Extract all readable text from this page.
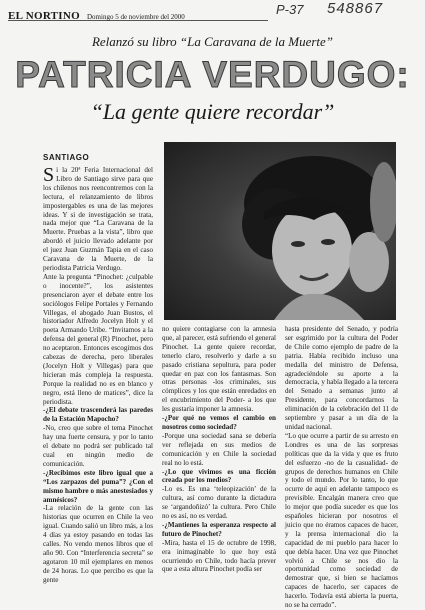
EL NORTINO Domingo 5 de noviembre del 2000	P-37 548867
Relanzó su libro “La Caravana de la Muerte”
PATRICIA VERDUGO:
“La gente quiere recordar”
SANTIAGO

Si la 20ª Feria Internacional del Libro de Santiago sirve para que los chilenos nos reencontremos con la lectura, el relanzamiento de libros impostergables es una de las mejores ideas. Y si de investigación se trata, nada mejor que “La Caravana de la Muerte. Pruebas a la vista”, libro que abordó el juicio llevado adelante por el juez Juan Guzmán Tapia en el caso Caravana de la Muerte, de la periodista Patricia Verdugo.

Ante la pregunta “Pinochet: ¿culpable o inocente?”, los asistentes presenciaron ayer el debate entre los sociólogos Felipe Portales y Fernando Villegas, el abogado Juan Bustos, el historiador Alfredo Jocelyn Holt y el poeta Armando Uribe. “Invitamos a la defensa del general (R) Pinochet, pero no aceptaron. Entonces escogimos dos cabezas de derecha, pero liberales (Jocelyn Holt y Villegas) para que hicieran más compleja la respuesta. Porque la realidad no es en blanco y negro, está lleno de matices”, dice la periodista.

-¿El debate trascenderá las paredes de la Estación Mapocho?

-No, creo que sobre el tema Pinochet hay una fuerte censura, y por lo tanto el debate no podrá ser publicado tal cual en ningún medio de comunicación.

-¿Recibimos este libro igual que a “Los zarpazos del puma”? ¿Con el mismo hambre o más anestesiados y amnésicos?

-La relación de la gente con las historias que ocurren en Chile la veo igual. Cuando salió un libro más, a los 4 días ya estoy pasando en todas las calles. No vendo menos libros que el año 90. Con “Interferencia secreta” se agotaron 10 mil ejemplares en menos de 24 horas. Lo que percibo es que la gente

no quiere contagiarse con la amnesia que, al parecer, está sufriendo el general Pinochet. La gente quiere recordar, tenerlo claro, resolverlo y darle a su pasado cristiana sepultura, para poder quedar en paz con los fantasmas. Son otras personas -los criminales, sus cómplices y los que están enredados en el encubrimiento del Poder- a los que les gustaría imponer la amnesia.

-¿Por qué no vemos el cambio en nosotros como sociedad?

-Porque una sociedad sana se debería ver reflejada en sus medios de comunicación y en Chile la sociedad real no lo está.

-¿Lo que vivimos es una ficción creada por los medios?

-Lo es. Es una ‘teleopización’ de la cultura, así como durante la dictadura se ‘argandoñizó’ la cultura. Pero Chile no es así, no es verdad.

-¿Mantienes la esperanza respecto al futuro de Pinochet?

-Mira, hasta el 15 de octubre de 1998, era inimaginable lo que hoy está ocurriendo en Chile, todo hacía prever que a esta altura Pinochet podía ser

hasta presidente del Senado, y podría ser esgrimido por la cultura del Poder de Chile como ejemplo de padre de la patria. Había recibido incluso una medalla del ministro de Defensa, agradeciéndole su aporte a la democracia, y había llegado a la tercera del Senado a semanas junto al Presidente, para concordarnos la eliminación de la celebración del 11 de septiembre y pasar a un día de la unidad nacional.

“Lo que ocurre a partir de su arresto en Londres es una de las sorpresas políticas que da la vida y que es fruto del esfuerzo -no de la casualidad- de grupos de derechos humanos en Chile y todo el mundo. Por lo tanto, lo que ocurre de aquí en adelante tampoco es previsible. Encalgán manera creo que lo mejor que podía suceder es que los españoles hicieran por nosotros el juicio que no éramos capaces de hacer, y la prensa internacional dio la capacidad de mi pueblo para hacer lo que debía hacer. Una vez que Pinochet volvió a Chile se nos dio la oportunidad como sociedad de demostrar que, si bien se hacíamos capaces de hacerlo, ser capaces de hacerlo. Todavía está abierta la puerta, no se ha cerrado”.
